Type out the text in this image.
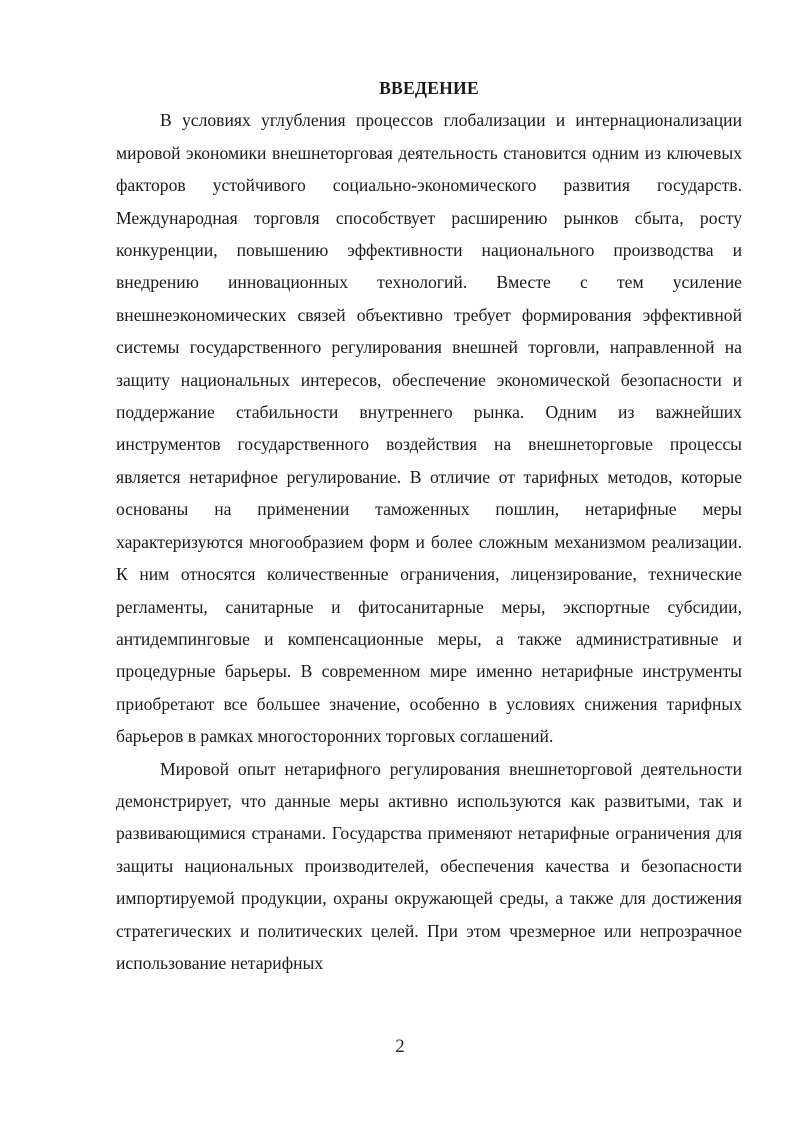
ВВЕДЕНИЕ

В условиях углубления процессов глобализации и интернационализации мировой экономики внешнеторговая деятельность становится одним из ключевых факторов устойчивого социально-экономического развития государств. Международная торговля способствует расширению рынков сбыта, росту конкуренции, повышению эффективности национального производства и внедрению инновационных технологий. Вместе с тем усиление внешнеэкономических связей объективно требует формирования эффективной системы государственного регулирования внешней торговли, направленной на защиту национальных интересов, обеспечение экономической безопасности и поддержание стабильности внутреннего рынка. Одним из важнейших инструментов государственного воздействия на внешнеторговые процессы является нетарифное регулирование. В отличие от тарифных методов, которые основаны на применении таможенных пошлин, нетарифные меры характеризуются многообразием форм и более сложным механизмом реализации. К ним относятся количественные ограничения, лицензирование, технические регламенты, санитарные и фитосанитарные меры, экспортные субсидии, антидемпинговые и компенсационные меры, а также административные и процедурные барьеры. В современном мире именно нетарифные инструменты приобретают все большее значение, особенно в условиях снижения тарифных барьеров в рамках многосторонних торговых соглашений.

Мировой опыт нетарифного регулирования внешнеторговой деятельности демонстрирует, что данные меры активно используются как развитыми, так и развивающимися странами. Государства применяют нетарифные ограничения для защиты национальных производителей, обеспечения качества и безопасности импортируемой продукции, охраны окружающей среды, а также для достижения стратегических и политических целей. При этом чрезмерное или непрозрачное использование нетарифных

2
